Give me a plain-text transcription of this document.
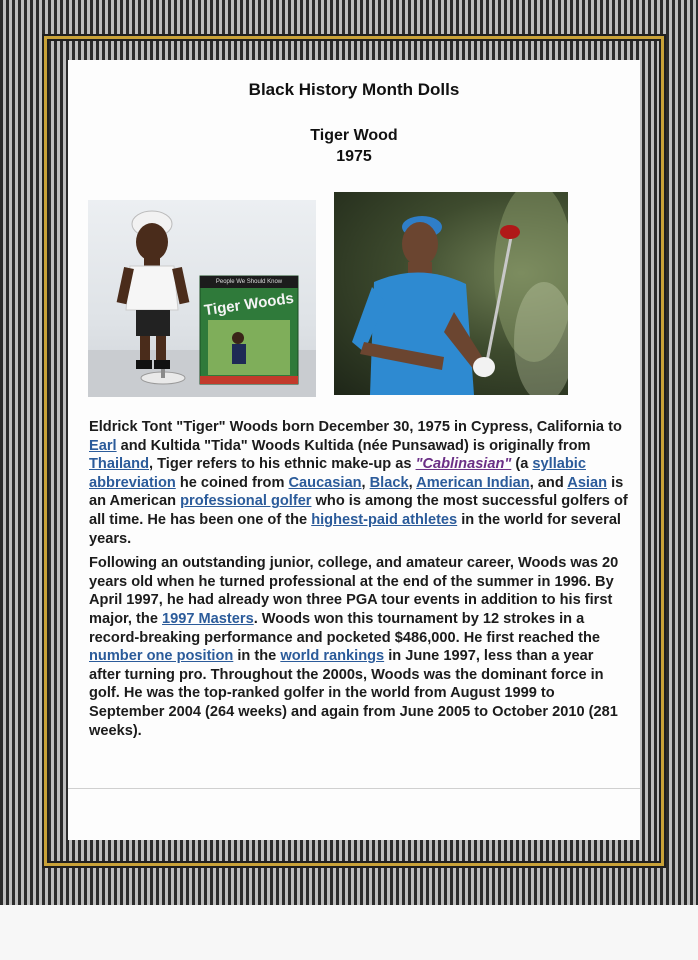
Black History Month Dolls
Tiger Wood
1975
People We Should Know
Tiger Woods

Eldrick Tont "Tiger" Woods born December 30, 1975 in Cypress, California to Earl and Kultida "Tida" Woods Kultida (née Punsawad) is originally from Thailand, Tiger refers to his ethnic make-up as "Cablinasian" (a syllabic abbreviation he coined from Caucasian, Black, American Indian, and Asian is an American professional golfer who is among the most successful golfers of all time. He has been one of the highest-paid athletes in the world for several years.

Following an outstanding junior, college, and amateur career, Woods was 20 years old when he turned professional at the end of the summer in 1996. By April 1997, he had already won three PGA tour events in addition to his first major, the 1997 Masters. Woods won this tournament by 12 strokes in a record-breaking performance and pocketed $486,000. He first reached the number one position in the world rankings in June 1997, less than a year after turning pro. Throughout the 2000s, Woods was the dominant force in golf. He was the top-ranked golfer in the world from August 1999 to September 2004 (264 weeks) and again from June 2005 to October 2010 (281 weeks).
